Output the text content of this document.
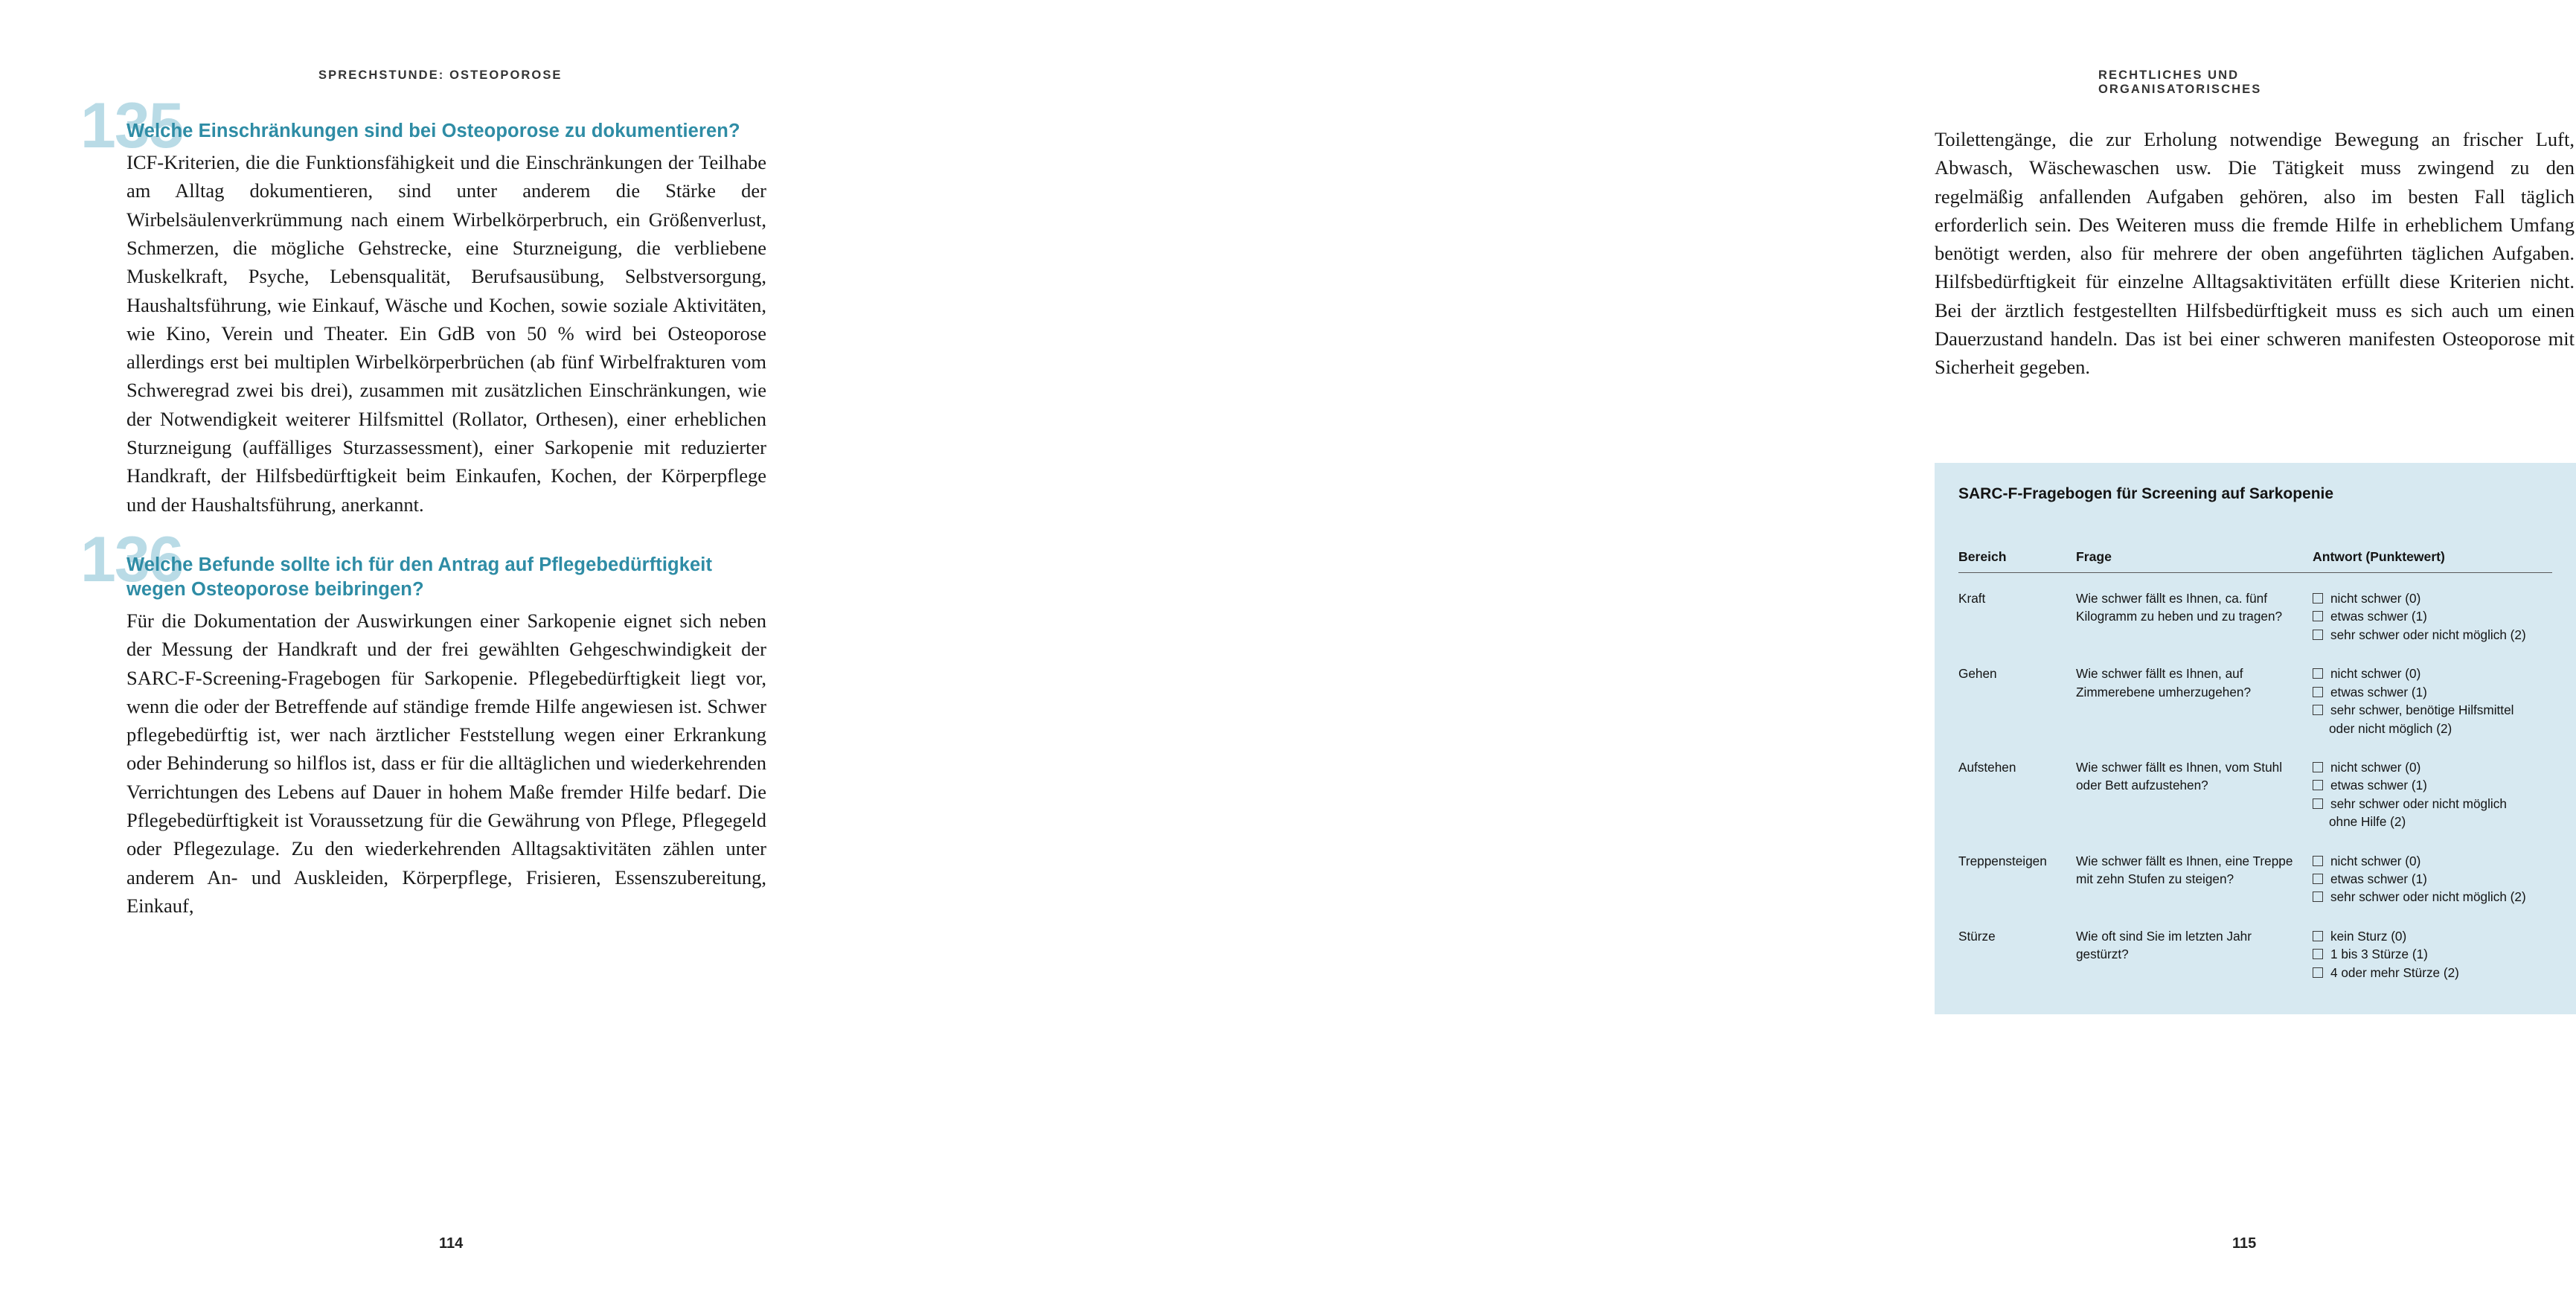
SPRECHSTUNDE: OSTEOPOROSE
135
Welche Einschränkungen sind bei Osteoporose zu dokumentieren?

ICF-Kriterien, die die Funktionsfähigkeit und die Einschränkungen der Teilhabe am Alltag dokumentieren, sind unter anderem die Stärke der Wirbelsäulenverkrümmung nach einem Wirbelkörperbruch, ein Größenverlust, Schmerzen, die mögliche Gehstrecke, eine Sturzneigung, die verbliebene Muskelkraft, Psyche, Lebensqualität, Berufsausübung, Selbstversorgung, Haushaltsführung, wie Einkauf, Wäsche und Kochen, sowie soziale Aktivitäten, wie Kino, Verein und Theater. Ein GdB von 50 % wird bei Osteoporose allerdings erst bei multiplen Wirbelkörperbrüchen (ab fünf Wirbelfrakturen vom Schweregrad zwei bis drei), zusammen mit zusätzlichen Einschränkungen, wie der Notwendigkeit weiterer Hilfsmittel (Rollator, Orthesen), einer erheblichen Sturzneigung (auffälliges Sturzassessment), einer Sarkopenie mit reduzierter Handkraft, der Hilfsbedürftigkeit beim Einkaufen, Kochen, der Körperpflege und der Haushaltsführung, anerkannt.

136
Welche Befunde sollte ich für den Antrag auf Pflegebedürftigkeit wegen Osteoporose beibringen?

Für die Dokumentation der Auswirkungen einer Sarkopenie eignet sich neben der Messung der Handkraft und der frei gewählten Gehgeschwindigkeit der SARC-F-Screening-Fragebogen für Sarkopenie. Pflegebedürftigkeit liegt vor, wenn die oder der Betreffende auf ständige fremde Hilfe angewiesen ist. Schwer pflegebedürftig ist, wer nach ärztlicher Feststellung wegen einer Erkrankung oder Behinderung so hilflos ist, dass er für die alltäglichen und wiederkehrenden Verrichtungen des Lebens auf Dauer in hohem Maße fremder Hilfe bedarf. Die Pflegebedürftigkeit ist Voraussetzung für die Gewährung von Pflege, Pflegegeld oder Pflegezulage. Zu den wiederkehrenden Alltagsaktivitäten zählen unter anderem An- und Auskleiden, Körperpflege, Frisieren, Essenszubereitung, Einkauf,

114
RECHTLICHES UND ORGANISATORISCHES

Toilettengänge, die zur Erholung notwendige Bewegung an frischer Luft, Abwasch, Wäschewaschen usw. Die Tätigkeit muss zwingend zu den regelmäßig anfallenden Aufgaben gehören, also im besten Fall täglich erforderlich sein. Des Weiteren muss die fremde Hilfe in erheblichem Umfang benötigt werden, also für mehrere der oben angeführten täglichen Aufgaben. Hilfsbedürftigkeit für einzelne Alltagsaktivitäten erfüllt diese Kriterien nicht. Bei der ärztlich festgestellten Hilfsbedürftigkeit muss es sich auch um einen Dauerzustand handeln. Das ist bei einer schweren manifesten Osteoporose mit Sicherheit gegeben.

SARC-F-Fragebogen für Screening auf Sarkopenie
Bereich	Frage	Antwort (Punktewert)
Kraft	Wie schwer fällt es Ihnen, ca. fünf Kilogramm zu heben und zu tragen?	nicht schwer (0)
etwas schwer (1)
sehr schwer oder nicht möglich (2)

Gehen	Wie schwer fällt es Ihnen, auf Zimmerebene umherzugehen?	nicht schwer (0)
etwas schwer (1)
sehr schwer, benötige Hilfsmittel
oder nicht möglich (2)

Aufstehen	Wie schwer fällt es Ihnen, vom Stuhl oder Bett aufzustehen?	nicht schwer (0)
etwas schwer (1)
sehr schwer oder nicht möglich
ohne Hilfe (2)

Treppensteigen	Wie schwer fällt es Ihnen, eine Treppe mit zehn Stufen zu steigen?	nicht schwer (0)
etwas schwer (1)
sehr schwer oder nicht möglich (2)

Stürze	Wie oft sind Sie im letzten Jahr gestürzt?	kein Sturz (0)
1 bis 3 Stürze (1)
4 oder mehr Stürze (2)
115
